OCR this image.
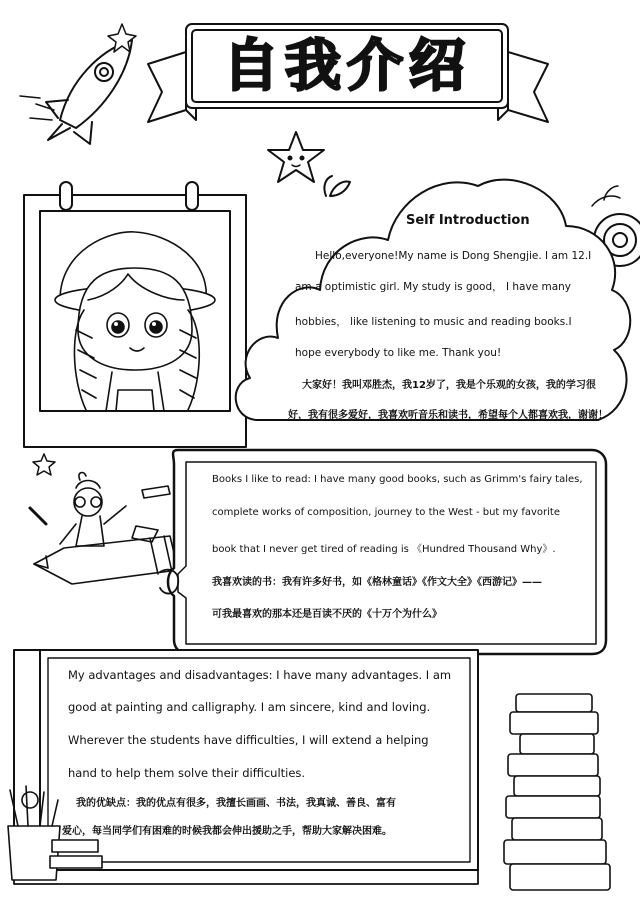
自我介绍
Self Introduction
Hello,everyone!My name is Dong Shengjie. I am 12.I
am a optimistic girl. My study is good， I have many
hobbies， like listening to music and reading books.I
hope everybody to like me. Thank you!
大家好！我叫邓胜杰，我12岁了，我是个乐观的女孩，我的学习很
好，我有很多爱好，我喜欢听音乐和读书，希望每个人都喜欢我，谢谢！
Books I like to read: I have many good books, such as Grimm's fairy tales,
complete works of composition, journey to the West - but my favorite
book that I never get tired of reading is 《Hundred Thousand Why》.
我喜欢读的书：我有许多好书，如《格林童话》《作文大全》《西游记》——
可我最喜欢的那本还是百读不厌的《十万个为什么》
My advantages and disadvantages: I have many advantages. I am
good at painting and calligraphy. I am sincere, kind and loving.
Wherever the students have difficulties, I will extend a helping
hand to help them solve their difficulties.
我的优缺点：我的优点有很多，我擅长画画、书法，我真诚、善良、富有
爱心，每当同学们有困难的时候我都会伸出援助之手，帮助大家解决困难。
